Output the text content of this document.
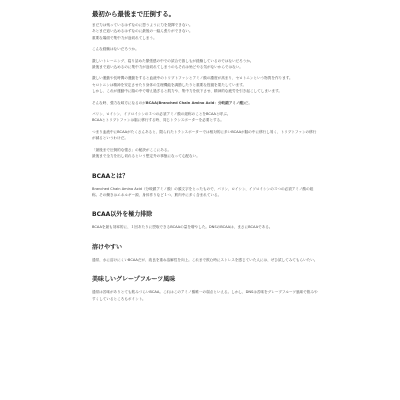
最初から最後まで圧倒する。
まだ力は残っているはずなのに思うように力を発揮できない。
あとまだ追い込めるはずなのに最後の一踏ん張りができない。
重要な場面で集中力が途切れてしまう。
こんな経験はないだろうか。
激しいトレーニング、寝り詰めた緊張感の中での試合で誰しもが経験しているのではないだろうか。
最後まで追い込めるのに集中力が途切れてしまうのもそれは殆どやる気がないからではない。
激しい運動や長時間の運動をすると血液中のトリプトファンとアミノ酸の濃度が高まり、セロトニンという物質を作ります。
セロトニンは精神を安定させたり身体の生理機能を調節したりと重要な役割を果たしています。
しかし、これが運動中に脳の中で増え過ぎると肌力や、集中力を低下させ、精神的な疲労を引き起こしてしまいます。
そんな時、強力な味方になるのがBCAA(Branched Chain Amino Acid：分岐鎖アミノ酸)だ。
バリン、ロイシン、イソロイシンの３つの必須アミノ酸の総称のことをBCAAと呼ぶ。
BCAAとトリプトファンは脳に移行する時、同じトランスポーターを必要とする。
つまり血液中にBCAAがたくさんあると、限られたトランスポーターでは相対的に多いBCAAが脳の中に移行し易く、トリプトファンの移行が減るというわけだ。
「最後まで圧倒的な強さ」の秘訣がここにある。
最後まで全力を出し切れるという想定外の事態になって心配ない。
BCAAとは？
Branched Chain Amino Acid（分岐鎖アミノ酸）の頭文字をとったもので、バリン、ロイシン、イソロイシンの３つの必須アミノ酸の総称。その働きはエネルギー源、身体作りなど１つ、筋肉中に多く含まれている。
BCAA以外を極力排除
BCAAを最も効率的に、１回あたりに摂取できるBCAAの量を増やした。DNSのBCAAは、まさにBCAAである。
溶けやすい
通常、水に溶けにくいBCAAだが、改良を重ね溶解性を向上。これまで飲む時にストレスを感じていた人には、ぜひ試してみてもらいたい。
美味しいグレープフルーツ風味
通常は苦味がありとても飲みづらいBCAA。これはこのアミノ酸唯一の弱点といえる。しかし、DNSは苦味をグレープフルーツ風味で飲みやすくしているところもポイント。
